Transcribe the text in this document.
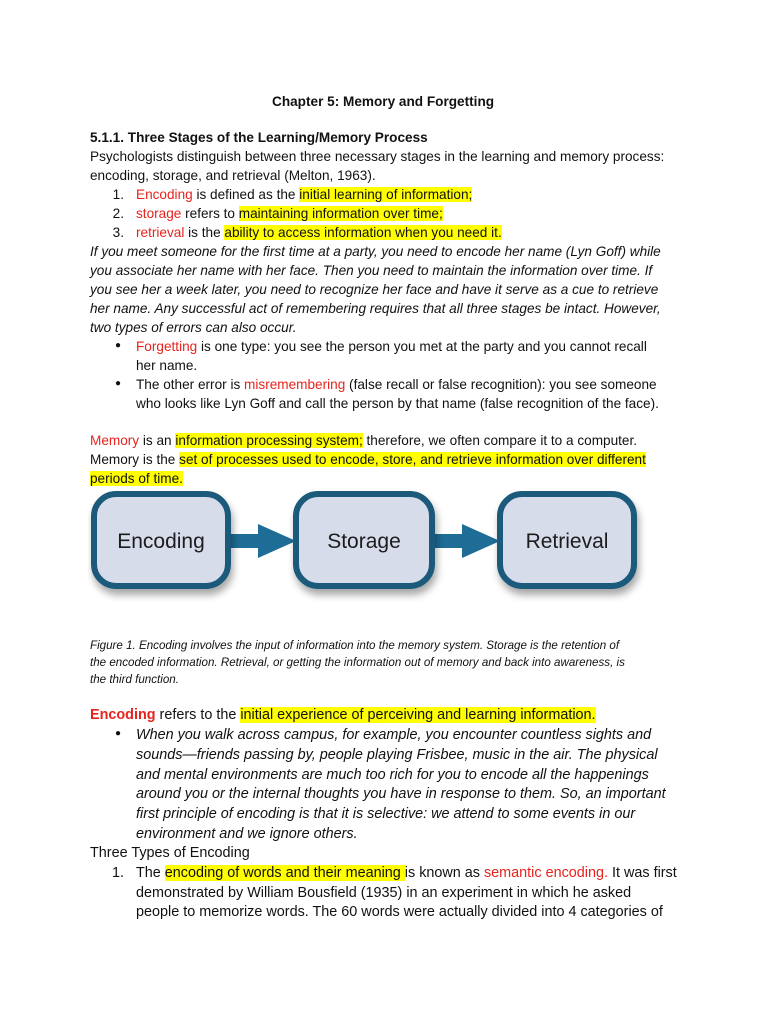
Chapter 5: Memory and Forgetting
5.1.1. Three Stages of the Learning/Memory Process
Psychologists distinguish between three necessary stages in the learning and memory process:
encoding, storage, and retrieval (Melton, 1963).
1. Encoding is defined as the initial learning of information;
2. storage refers to maintaining information over time;
3. retrieval is the ability to access information when you need it.
If you meet someone for the first time at a party, you need to encode her name (Lyn Goff) while
you associate her name with her face. Then you need to maintain the information over time. If
you see her a week later, you need to recognize her face and have it serve as a cue to retrieve
her name. Any successful act of remembering requires that all three stages be intact. However,
two types of errors can also occur.
●	Forgetting is one type: you see the person you met at the party and you cannot recall
her name.
●	The other error is misremembering (false recall or false recognition): you see someone
who looks like Lyn Goff and call the person by that name (false recognition of the face).
Memory is an information processing system; therefore, we often compare it to a computer.
Memory is the set of processes used to encode, store, and retrieve information over different
periods of time.
Encoding	Storage	Retrieval
Figure 1. Encoding involves the input of information into the memory system. Storage is the retention of
the encoded information. Retrieval, or getting the information out of memory and back into awareness, is
the third function.
Encoding refers to the initial experience of perceiving and learning information.
●	When you walk across campus, for example, you encounter countless sights and
sounds—friends passing by, people playing Frisbee, music in the air. The physical
and mental environments are much too rich for you to encode all the happenings
around you or the internal thoughts you have in response to them. So, an important
first principle of encoding is that it is selective: we attend to some events in our
environment and we ignore others.
Three Types of Encoding
1. The encoding of words and their meaning is known as semantic encoding. It was first
demonstrated by William Bousfield (1935) in an experiment in which he asked
people to memorize words. The 60 words were actually divided into 4 categories of
